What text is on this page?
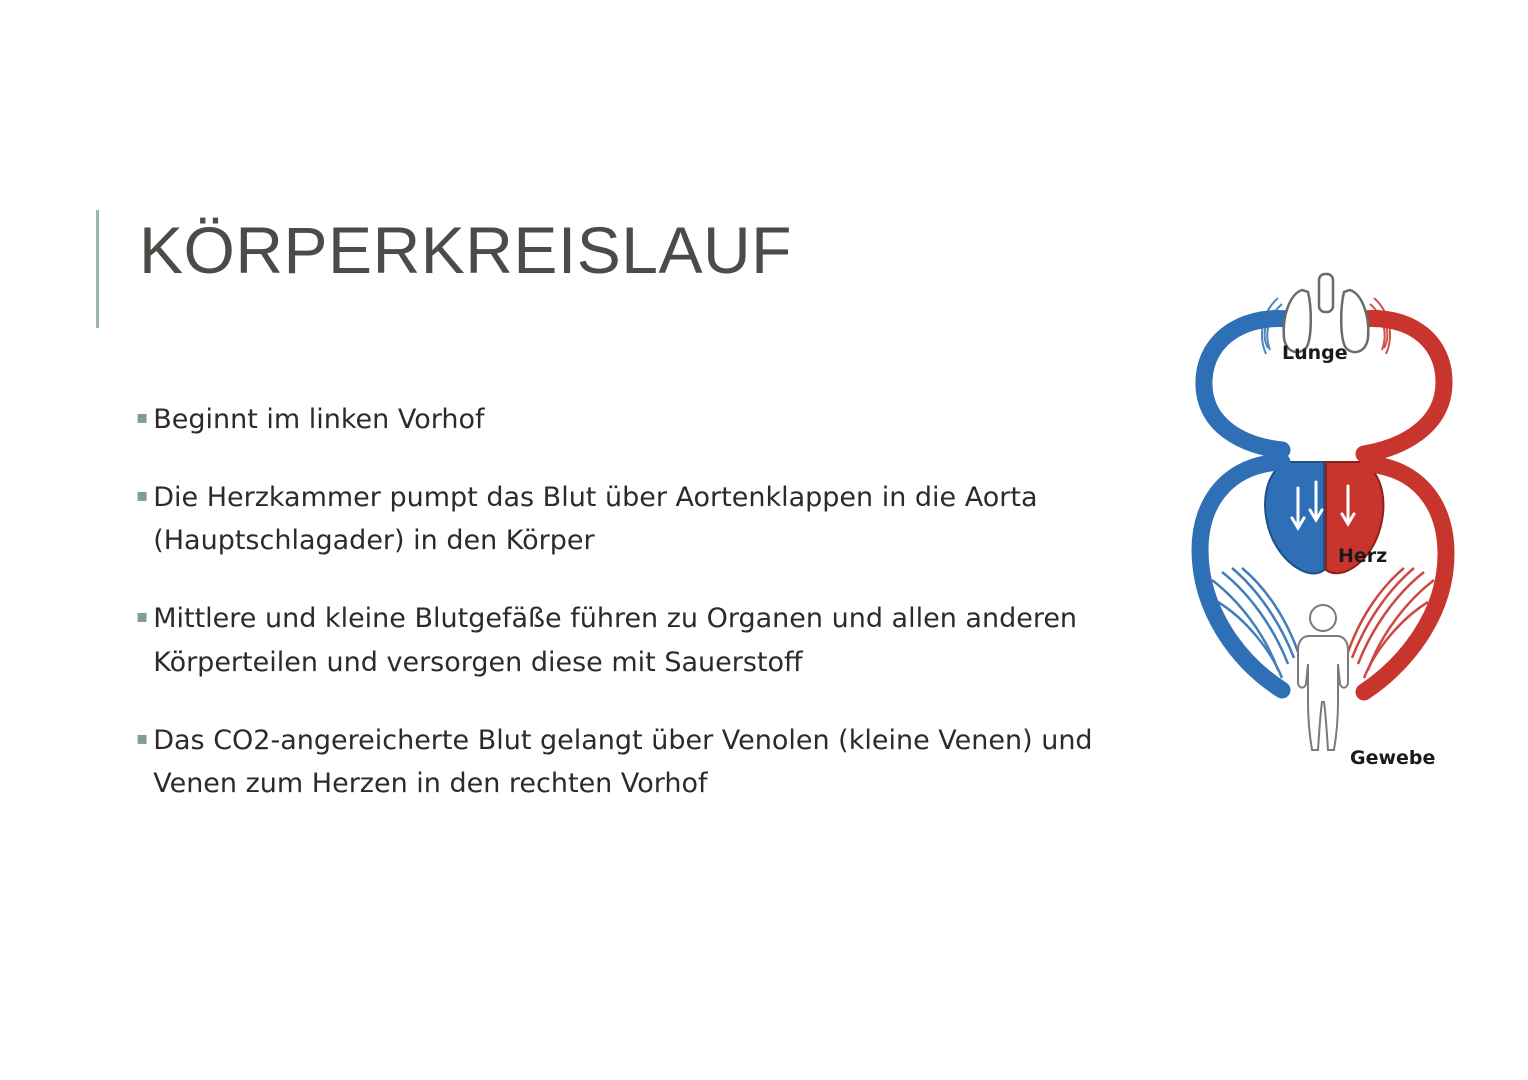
KÖRPERKREISLAUF
▪ Beginnt im linken Vorhof
▪ Die Herzkammer pumpt das Blut über Aortenklappen in die Aorta (Hauptschlagader) in den Körper
▪ Mittlere und kleine Blutgefäße führen zu Organen und allen anderen Körperteilen und versorgen diese mit Sauerstoff
▪ Das CO2-angereicherte Blut gelangt über Venolen (kleine Venen) und Venen zum Herzen in den rechten Vorhof
Lunge
Herz
Gewebe
